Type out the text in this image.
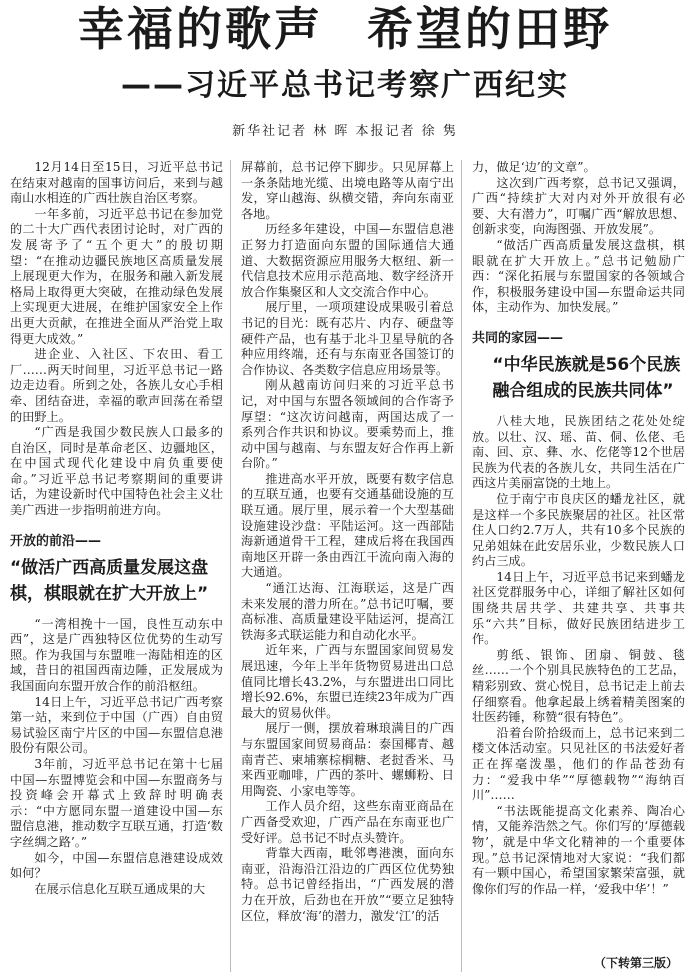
幸福的歌声 希望的田野
——习近平总书记考察广西纪实
新华社记者 林 晖 本报记者 徐 隽

12月14日至15日，习近平总书记在结束对越南的国事访问后，来到与越南山水相连的广西壮族自治区考察。

一年多前，习近平总书记在参加党的二十大广西代表团讨论时，对广西的发展寄予了“五个更大”的殷切期望：“在推动边疆民族地区高质量发展上展现更大作为，在服务和融入新发展格局上取得更大突破，在推动绿色发展上实现更大进展，在维护国家安全上作出更大贡献，在推进全面从严治党上取得更大成效。”

进企业、入社区、下农田、看工厂……两天时间里，习近平总书记一路边走边看。所到之处，各族儿女心手相牵、团结奋进，幸福的歌声回荡在希望的田野上。

“广西是我国少数民族人口最多的自治区，同时是革命老区、边疆地区，在中国式现代化建设中肩负重要使命。”习近平总书记考察期间的重要讲话，为建设新时代中国特色社会主义壮美广西进一步指明前进方向。

开放的前沿——
“做活广西高质量发展这盘棋，棋眼就在扩大开放上”

“一湾相挽十一国，良性互动东中西”，这是广西独特区位优势的生动写照。作为我国与东盟唯一海陆相连的区域，昔日的祖国西南边陲，正发展成为我国面向东盟开放合作的前沿枢纽。

14日上午，习近平总书记广西考察第一站，来到位于中国（广西）自由贸易试验区南宁片区的中国—东盟信息港股份有限公司。

3年前，习近平总书记在第十七届中国—东盟博览会和中国—东盟商务与投资峰会开幕式上致辞时明确表示：“中方愿同东盟一道建设中国—东盟信息港，推动数字互联互通，打造‘数字丝绸之路’。”

如今，中国—东盟信息港建设成效如何？

在展示信息化互联互通成果的大

屏幕前，总书记停下脚步。只见屏幕上一条条陆地光缆、出境电路等从南宁出发，穿山越海、纵横交错，奔向东南亚各地。

历经多年建设，中国—东盟信息港正努力打造面向东盟的国际通信大通道、大数据资源应用服务大枢纽、新一代信息技术应用示范高地、数字经济开放合作集聚区和人文交流合作中心。

展厅里，一项项建设成果吸引着总书记的目光：既有芯片、内存、硬盘等硬件产品，也有基于北斗卫星导航的各种应用终端，还有与东南亚各国签订的合作协议、各类数字信息应用场景等。

刚从越南访问归来的习近平总书记，对中国与东盟各领域间的合作寄予厚望：“这次访问越南，两国达成了一系列合作共识和协议。要乘势而上，推动中国与越南、与东盟友好合作再上新台阶。”

推进高水平开放，既要有数字信息的互联互通，也要有交通基础设施的互联互通。展厅里，展示着一个大型基础设施建设沙盘：平陆运河。这一西部陆海新通道骨干工程，建成后将在我国西南地区开辟一条由西江干流向南入海的大通道。

“通江达海、江海联运，这是广西未来发展的潜力所在。”总书记叮嘱，要高标准、高质量建设平陆运河，提高江铁海多式联运能力和自动化水平。

近年来，广西与东盟国家间贸易发展迅速，今年上半年货物贸易进出口总值同比增长43.2%，与东盟进出口同比增长92.6%，东盟已连续23年成为广西最大的贸易伙伴。

展厅一侧，摆放着琳琅满目的广西与东盟国家间贸易商品：泰国椰青、越南青芒、柬埔寨棕榈糖、老挝香米、马来西亚咖啡，广西的茶叶、螺蛳粉、日用陶瓷、小家电等等。

工作人员介绍，这些东南亚商品在广西备受欢迎，广西产品在东南亚也广受好评。总书记不时点头赞许。

背靠大西南，毗邻粤港澳，面向东南亚，沿海沿江沿边的广西区位优势独特。总书记曾经指出，“广西发展的潜力在开放，后劲也在开放”“要立足独特区位，释放‘海’的潜力，激发‘江’的活

力，做足‘边’的文章”。

这次到广西考察，总书记又强调，广西“持续扩大对内对外开放很有必要、大有潜力”，叮嘱广西“解放思想、创新求变，向海图强、开放发展”。

“做活广西高质量发展这盘棋，棋眼就在扩大开放上。”总书记勉励广西：“深化拓展与东盟国家的各领域合作，积极服务建设中国—东盟命运共同体，主动作为、加快发展。”

共同的家园——
“中华民族就是56个民族融合组成的民族共同体”

八桂大地，民族团结之花处处绽放。以壮、汉、瑶、苗、侗、仫佬、毛南、回、京、彝、水、仡佬等12个世居民族为代表的各族儿女，共同生活在广西这片美丽富饶的土地上。

位于南宁市良庆区的蟠龙社区，就是这样一个多民族聚居的社区。社区常住人口约2.7万人，共有10多个民族的兄弟姐妹在此安居乐业，少数民族人口约占三成。

14日上午，习近平总书记来到蟠龙社区党群服务中心，详细了解社区如何围绕共居共学、共建共享、共事共乐“六共”目标，做好民族团结进步工作。

剪纸、银饰、团扇、铜鼓、毯丝……一个个别具民族特色的工艺品，精彩别致、赏心悦目，总书记走上前去仔细察看。他拿起最上绣着精美图案的壮医药锤，称赞“很有特色”。

沿着台阶拾级而上，总书记来到二楼文体活动室。只见社区的书法爱好者正在挥毫泼墨，他们的作品苍劲有力：“爱我中华”“厚德载物”“海纳百川”……

“书法既能提高文化素养、陶冶心情，又能养浩然之气。你们写的‘厚德载物’，就是中华文化精神的一个重要体现。”总书记深情地对大家说：“我们都有一颗中国心，希望国家繁荣富强，就像你们写的作品一样，‘爱我中华’！”

（下转第三版）
